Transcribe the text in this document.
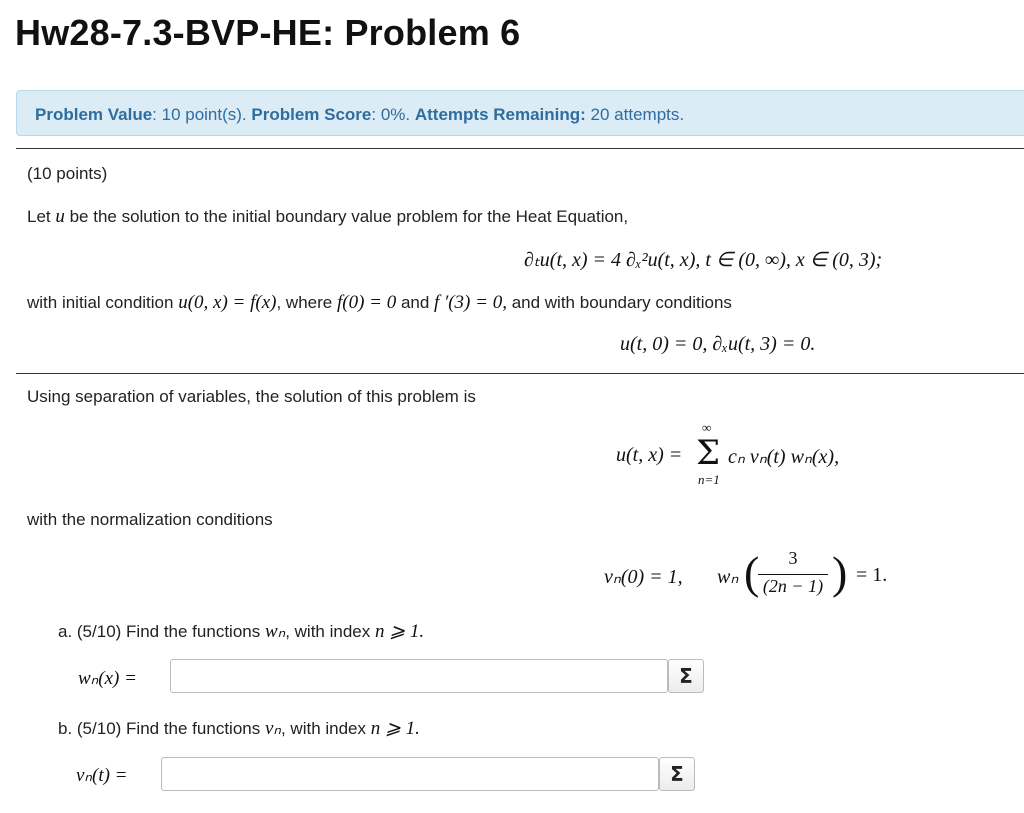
Hw28-7.3-BVP-HE: Problem 6
Problem Value: 10 point(s). Problem Score: 0%. Attempts Remaining: 20 attempts.
(10 points)
Let u be the solution to the initial boundary value problem for the Heat Equation,
∂ₜu(t, x) = 4 ∂ₓ²u(t, x), t ∈ (0, ∞), x ∈ (0, 3);
with initial condition u(0, x) = f(x), where f(0) = 0 and f ′(3) = 0, and with boundary conditions
u(t, 0) = 0, ∂ₓu(t, 3) = 0.
Using separation of variables, the solution of this problem is
u(t, x) =
∞
Σ
n=1
cₙ vₙ(t) wₙ(x),
with the normalization conditions
vₙ(0) = 1, wₙ (	3
(2n − 1) ) = 1.
a. (5/10) Find the functions wₙ, with index n ⩾ 1.
wₙ(x) =	Σ
b. (5/10) Find the functions vₙ, with index n ⩾ 1.
vₙ(t) =	Σ
